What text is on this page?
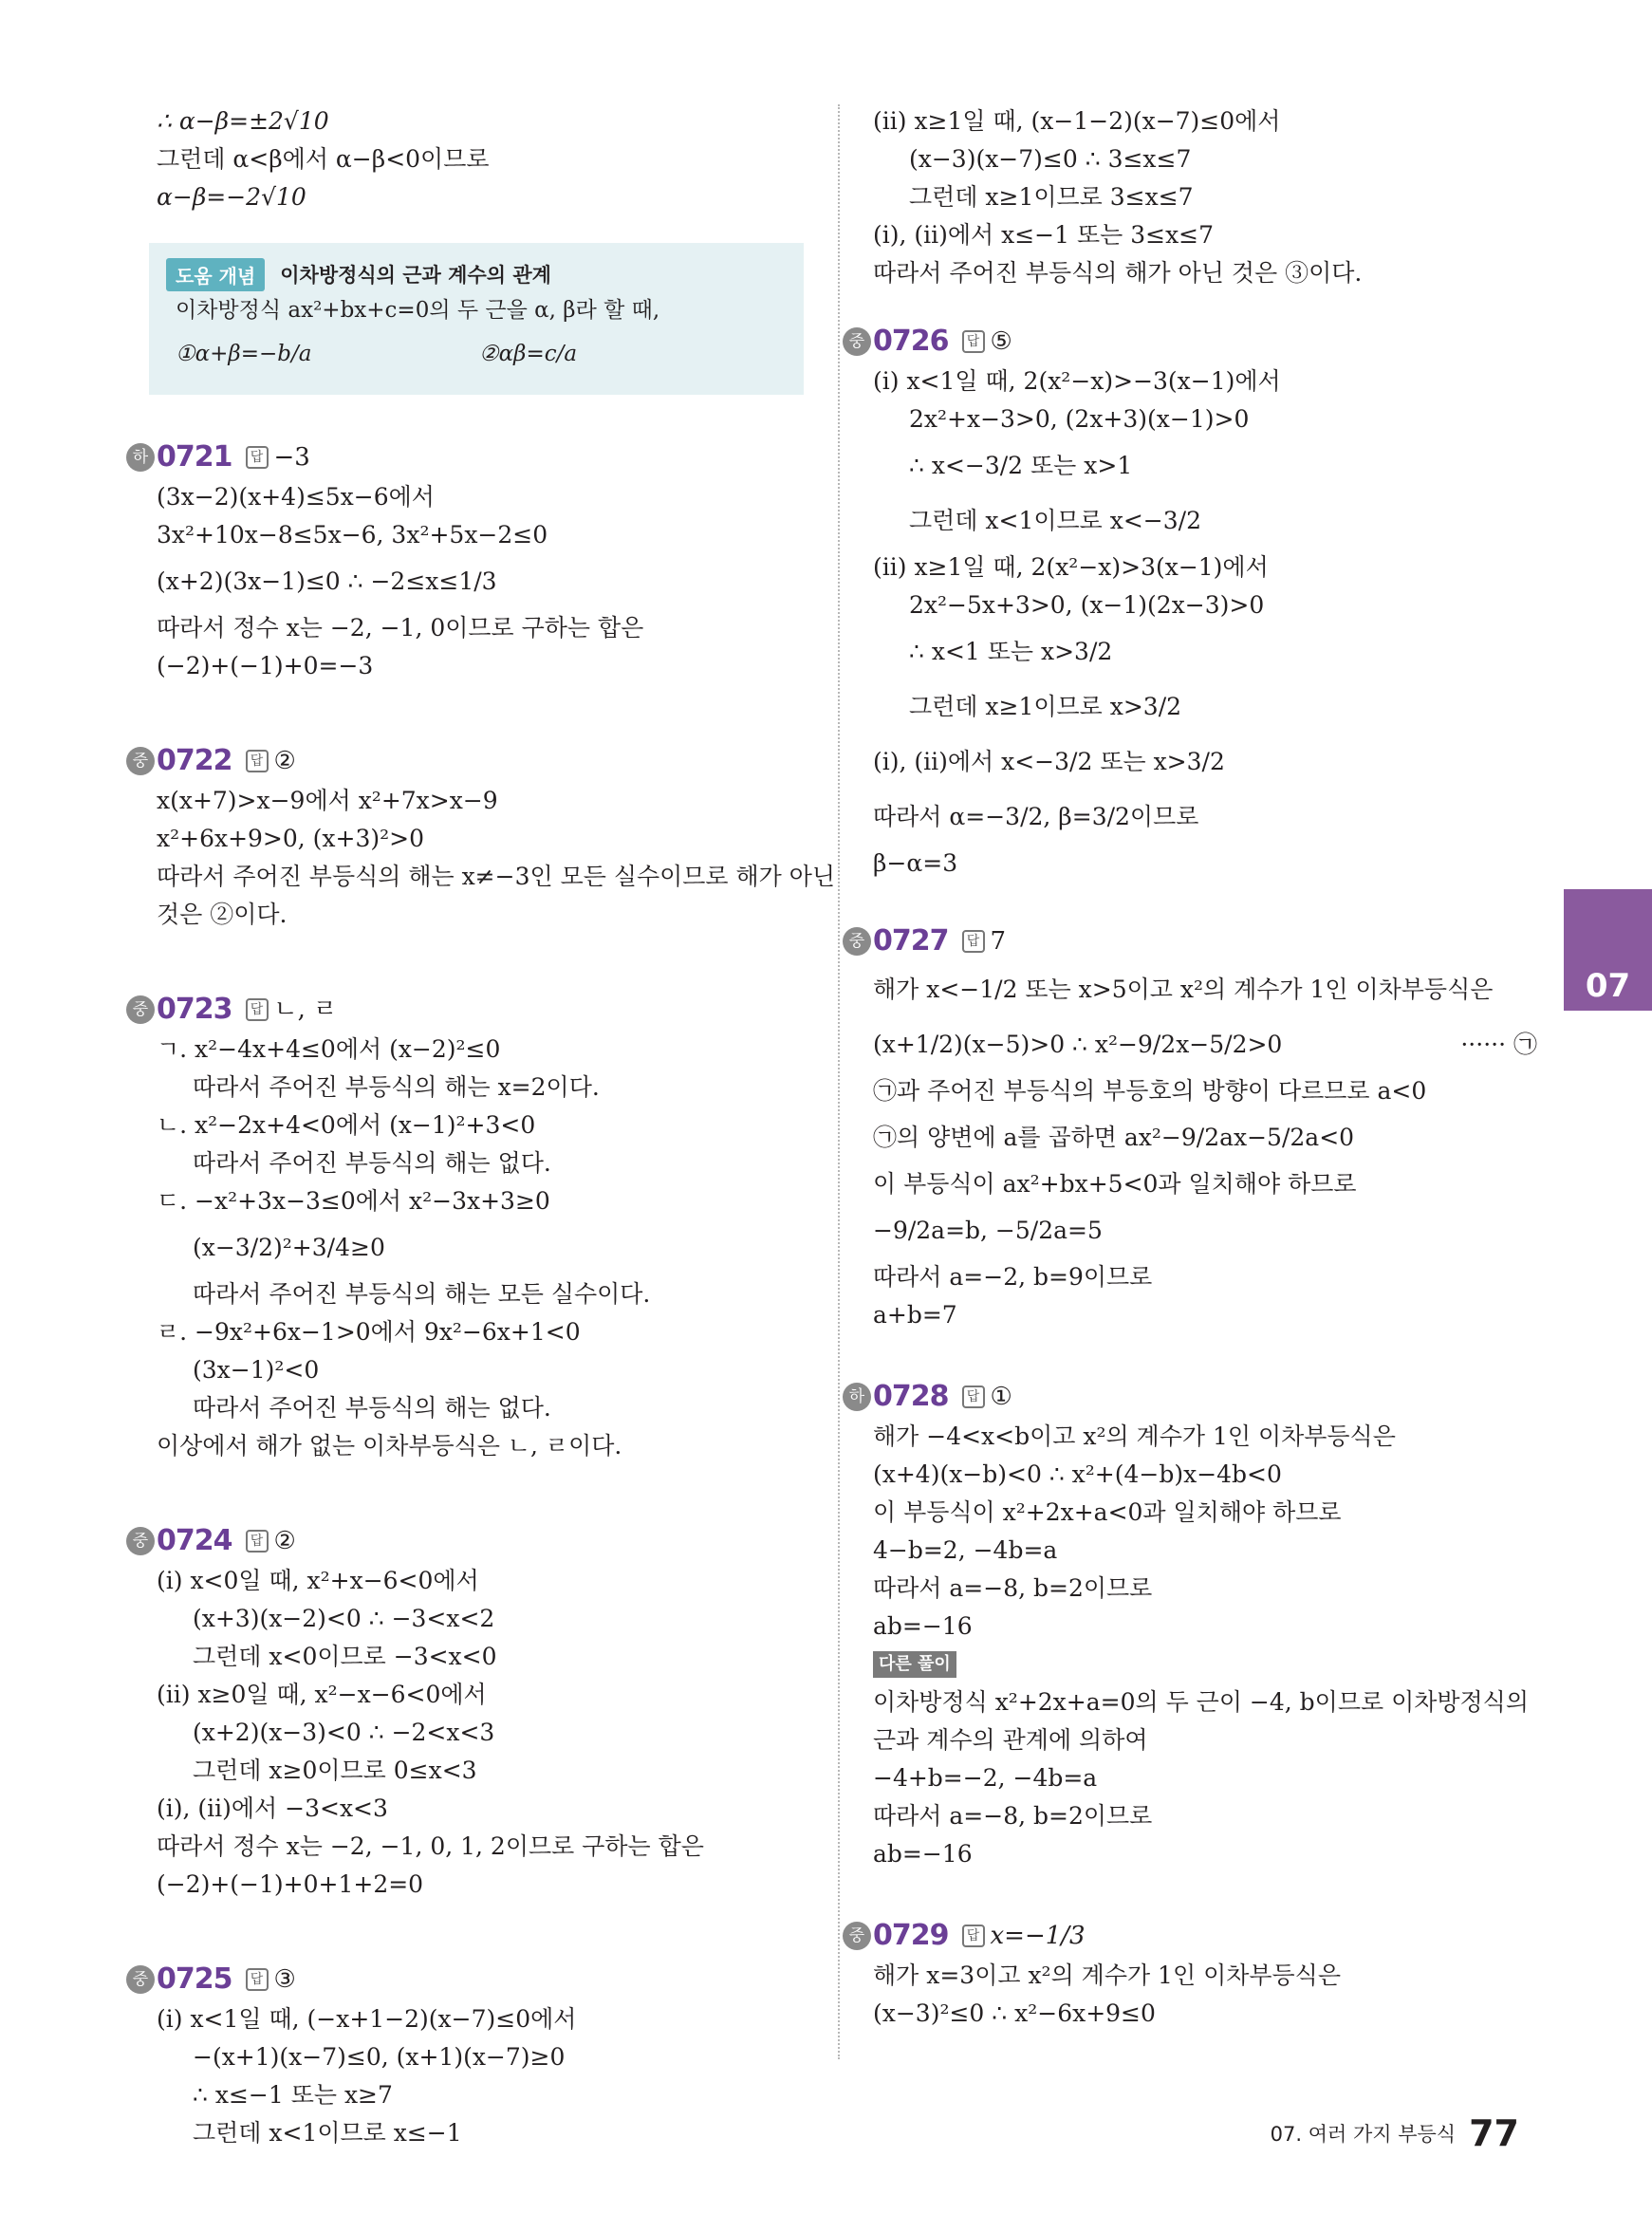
∴ α−β=±2√10
그런데 α<β에서 α−β<0이므로
α−β=−2√10
도움 개념	이차방정식의 근과 계수의 관계
이차방정식 ax²+bx+c=0의 두 근을 α, β라 할 때,
①α+β=−b/a	②αβ=c/a
하 0721	답 −3
(3x−2)(x+4)≤5x−6에서
3x²+10x−8≤5x−6, 3x²+5x−2≤0
(x+2)(3x−1)≤0 ∴ −2≤x≤1/3
따라서 정수 x는 −2, −1, 0이므로 구하는 합은
(−2)+(−1)+0=−3
중 0722	답 ②
x(x+7)>x−9에서 x²+7x>x−9
x²+6x+9>0, (x+3)²>0
따라서 주어진 부등식의 해는 x≠−3인 모든 실수이므로 해가 아닌
것은 ②이다.
중 0723	답 ㄴ, ㄹ
ㄱ. x²−4x+4≤0에서 (x−2)²≤0
따라서 주어진 부등식의 해는 x=2이다.
ㄴ. x²−2x+4<0에서 (x−1)²+3<0
따라서 주어진 부등식의 해는 없다.
ㄷ. −x²+3x−3≤0에서 x²−3x+3≥0
(x−3/2)²+3/4≥0
따라서 주어진 부등식의 해는 모든 실수이다.
ㄹ. −9x²+6x−1>0에서 9x²−6x+1<0
(3x−1)²<0
따라서 주어진 부등식의 해는 없다.
이상에서 해가 없는 이차부등식은 ㄴ, ㄹ이다.
중 0724	답 ②
(i) x<0일 때, x²+x−6<0에서
(x+3)(x−2)<0 ∴ −3<x<2
그런데 x<0이므로 −3<x<0
(ii) x≥0일 때, x²−x−6<0에서
(x+2)(x−3)<0 ∴ −2<x<3
그런데 x≥0이므로 0≤x<3
(i), (ii)에서 −3<x<3
따라서 정수 x는 −2, −1, 0, 1, 2이므로 구하는 합은
(−2)+(−1)+0+1+2=0
중 0725	답 ③
(i) x<1일 때, (−x+1−2)(x−7)≤0에서
−(x+1)(x−7)≤0, (x+1)(x−7)≥0
∴ x≤−1 또는 x≥7
그런데 x<1이므로 x≤−1
(ii) x≥1일 때, (x−1−2)(x−7)≤0에서
(x−3)(x−7)≤0 ∴ 3≤x≤7
그런데 x≥1이므로 3≤x≤7
(i), (ii)에서 x≤−1 또는 3≤x≤7
따라서 주어진 부등식의 해가 아닌 것은 ③이다.
중 0726	답 ⑤
(i) x<1일 때, 2(x²−x)>−3(x−1)에서
2x²+x−3>0, (2x+3)(x−1)>0
∴ x<−3/2 또는 x>1
그런데 x<1이므로 x<−3/2
(ii) x≥1일 때, 2(x²−x)>3(x−1)에서
2x²−5x+3>0, (x−1)(2x−3)>0
∴ x<1 또는 x>3/2
그런데 x≥1이므로 x>3/2
(i), (ii)에서 x<−3/2 또는 x>3/2
따라서 α=−3/2, β=3/2이므로
β−α=3
중 0727	답 7
해가 x<−1/2 또는 x>5이고 x²의 계수가 1인 이차부등식은
(x+1/2)(x−5)>0 ∴ x²−9/2x−5/2>0	······ ㉠
㉠과 주어진 부등식의 부등호의 방향이 다르므로 a<0
㉠의 양변에 a를 곱하면 ax²−9/2ax−5/2a<0
이 부등식이 ax²+bx+5<0과 일치해야 하므로
−9/2a=b, −5/2a=5
따라서 a=−2, b=9이므로
a+b=7
하 0728	답 ①
해가 −4<x<b이고 x²의 계수가 1인 이차부등식은
(x+4)(x−b)<0 ∴ x²+(4−b)x−4b<0
이 부등식이 x²+2x+a<0과 일치해야 하므로
4−b=2, −4b=a
따라서 a=−8, b=2이므로
ab=−16
다른 풀이
이차방정식 x²+2x+a=0의 두 근이 −4, b이므로 이차방정식의
근과 계수의 관계에 의하여
−4+b=−2, −4b=a
따라서 a=−8, b=2이므로
ab=−16
중 0729	답 x=−1/3
해가 x=3이고 x²의 계수가 1인 이차부등식은
(x−3)²≤0 ∴ x²−6x+9≤0
07
07. 여러 가지 부등식 77
